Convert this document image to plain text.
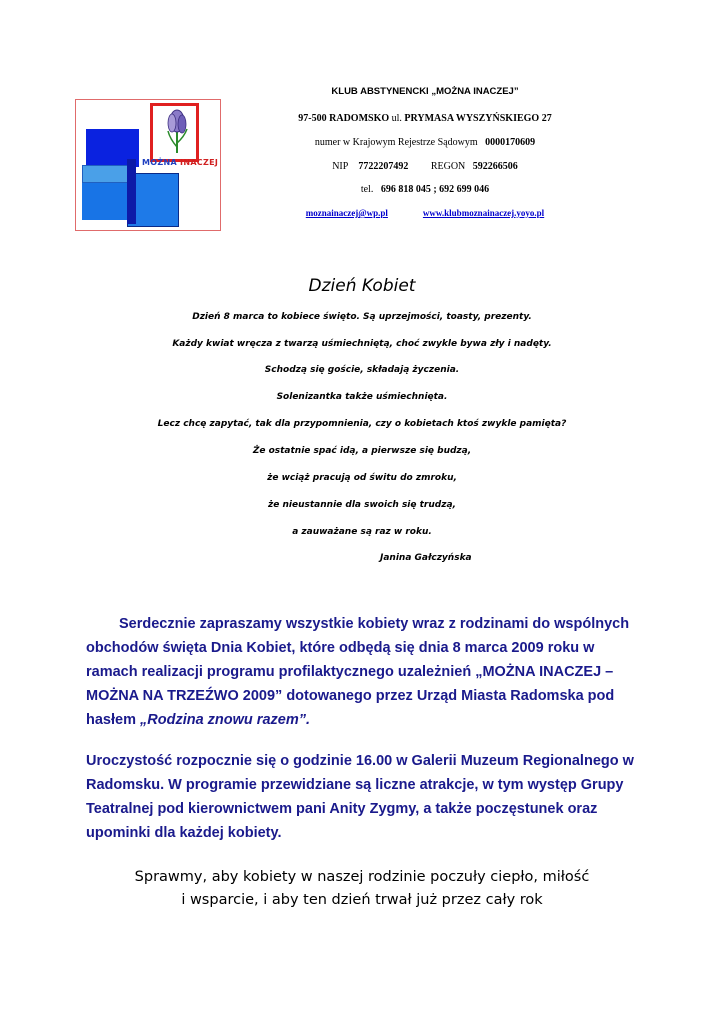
MOŻNA INACZEJ
KLUB ABSTYNENCKI „MOŻNA INACZEJ”
97-500 RADOMSKO ul. PRYMASA WYSZYŃSKIEGO 27
numer w Krajowym Rejestrze Sądowym 0000170609
NIP 7722207492 REGON 592266506
tel. 696 818 045 ; 692 699 046
moznainaczej@wp.pl	www.klubmoznainaczej.yoyo.pl
Dzień Kobiet
Dzień 8 marca to kobiece święto. Są uprzejmości, toasty, prezenty.
Każdy kwiat wręcza z twarzą uśmiechniętą, choć zwykle bywa zły i nadęty.
Schodzą się goście, składają życzenia.
Solenizantka także uśmiechnięta.
Lecz chcę zapytać, tak dla przypomnienia, czy o kobietach ktoś zwykle pamięta?
Że ostatnie spać idą, a pierwsze się budzą,
że wciąż pracują od świtu do zmroku,
że nieustannie dla swoich się trudzą,
a zauważane są raz w roku.
Janina Gałczyńska
Serdecznie zapraszamy wszystkie kobiety wraz z rodzinami do wspólnych obchodów święta Dnia Kobiet, które odbędą się dnia 8 marca 2009 roku w ramach realizacji programu profilaktycznego uzależnień „MOŻNA INACZEJ – MOŻNA NA TRZEŹWO 2009” dotowanego przez Urząd Miasta Radomska pod hasłem „Rodzina znowu razem”.
Uroczystość rozpocznie się o godzinie 16.00 w Galerii Muzeum Regionalnego w Radomsku. W programie przewidziane są liczne atrakcje, w tym występ Grupy Teatralnej pod kierownictwem pani Anity Zygmy, a także poczęstunek oraz upominki dla każdej kobiety.
Sprawmy, aby kobiety w naszej rodzinie poczuły ciepło, miłość
i wsparcie, i aby ten dzień trwał już przez cały rok
